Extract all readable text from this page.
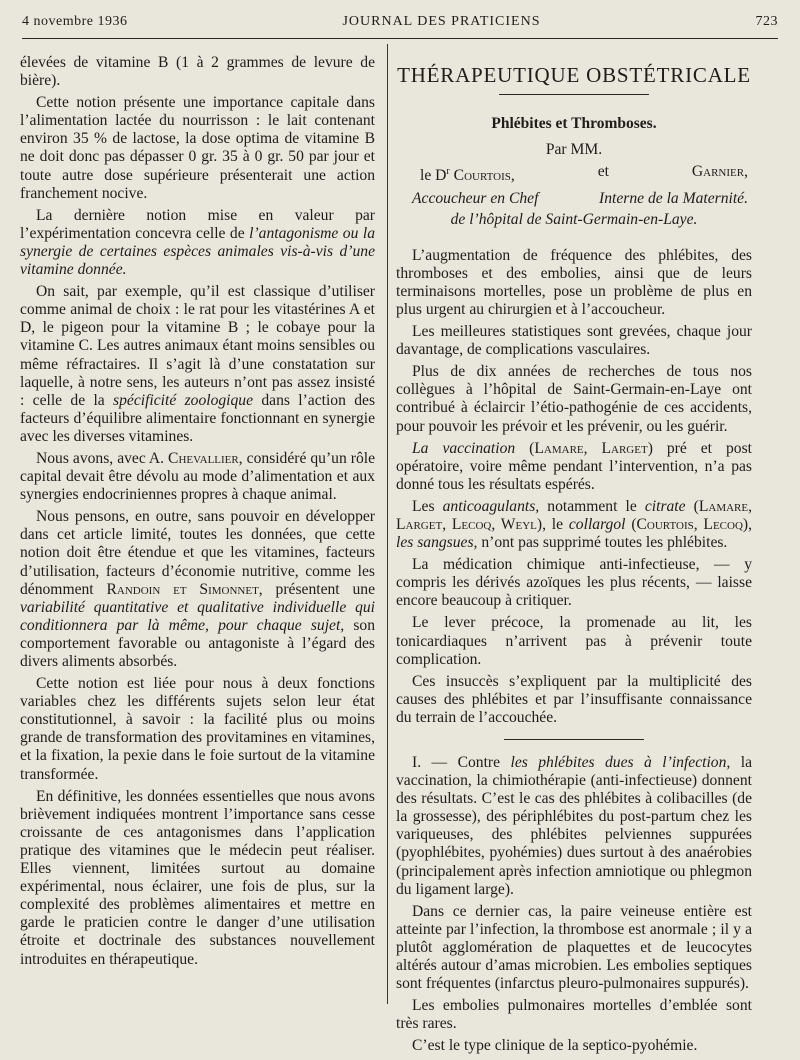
4 novembre 1936	JOURNAL DES PRATICIENS	723

élevées de vitamine B (1 à 2 grammes de levure de bière).

Cette notion présente une importance capitale dans l’alimentation lactée du nourrisson : le lait contenant environ 35 % de lactose, la dose optima de vitamine B ne doit donc pas dépasser 0 gr. 35 à 0 gr. 50 par jour et toute autre dose supérieure présenterait une action franchement nocive.

La dernière notion mise en valeur par l’expérimentation concevra celle de l’antagonisme ou la synergie de certaines espèces animales vis-à-vis d’une vitamine donnée.

On sait, par exemple, qu’il est classique d’utiliser comme animal de choix : le rat pour les vitastérines A et D, le pigeon pour la vitamine B ; le cobaye pour la vitamine C. Les autres animaux étant moins sensibles ou même réfractaires. Il s’agit là d’une constatation sur laquelle, à notre sens, les auteurs n’ont pas assez insisté : celle de la spécificité zoologique dans l’action des facteurs d’équilibre alimentaire fonctionnant en synergie avec les diverses vitamines.

Nous avons, avec A. Chevallier, considéré qu’un rôle capital devait être dévolu au mode d’alimentation et aux synergies endocriniennes propres à chaque animal.

Nous pensons, en outre, sans pouvoir en développer dans cet article limité, toutes les données, que cette notion doit être étendue et que les vitamines, facteurs d’utilisation, facteurs d’économie nutritive, comme les dénomment Randoin et Simonnet, présentent une variabilité quantitative et qualitative individuelle qui conditionnera par là même, pour chaque sujet, son comportement favorable ou antagoniste à l’égard des divers aliments absorbés.

Cette notion est liée pour nous à deux fonctions variables chez les différents sujets selon leur état constitutionnel, à savoir : la facilité plus ou moins grande de transformation des provitamines en vitamines, et la fixation, la pexie dans le foie surtout de la vitamine transformée.

En définitive, les données essentielles que nous avons brièvement indiquées montrent l’importance sans cesse croissante de ces antagonismes dans l’application pratique des vitamines que le médecin peut réaliser. Elles viennent, limitées surtout au domaine expérimental, nous éclairer, une fois de plus, sur la complexité des problèmes alimentaires et mettre en garde le praticien contre le danger d’une utilisation étroite et doctrinale des substances nouvellement introduites en thérapeutique.

THÉRAPEUTIQUE OBSTÉTRICALE
Phlébites et Thromboses.
Par MM.
le $D^r$ Courtois,	et	Garnier,
Accoucheur en Chef	Interne de la Maternité.
de l’hôpital de Saint-Germain-en-Laye.

L’augmentation de fréquence des phlébites, des thromboses et des embolies, ainsi que de leurs terminaisons mortelles, pose un problème de plus en plus urgent au chirurgien et à l’accoucheur.

Les meilleures statistiques sont grevées, chaque jour davantage, de complications vasculaires.

Plus de dix années de recherches de tous nos collègues à l’hôpital de Saint-Germain-en-Laye ont contribué à éclaircir l’étio-pathogénie de ces accidents, pour pouvoir les prévoir et les prévenir, ou les guérir.

La vaccination (Lamare, Larget) pré et post opératoire, voire même pendant l’intervention, n’a pas donné tous les résultats espérés.

Les anticoagulants, notamment le citrate (Lamare, Larget, Lecoq, Weyl), le collargol (Courtois, Lecoq), les sangsues, n’ont pas supprimé toutes les phlébites.

La médication chimique anti-infectieuse, — y compris les dérivés azoïques les plus récents, — laisse encore beaucoup à critiquer.

Le lever précoce, la promenade au lit, les tonicardiaques n’arrivent pas à prévenir toute complication.

Ces insuccès s’expliquent par la multiplicité des causes des phlébites et par l’insuffisante connaissance du terrain de l’accouchée.

I. — Contre les phlébites dues à l’infection, la vaccination, la chimiothérapie (anti-infectieuse) donnent des résultats. C’est le cas des phlébites à colibacilles (de la grossesse), des périphlébites du post-partum chez les variqueuses, des phlébites pelviennes suppurées (pyophlébites, pyohémies) dues surtout à des anaérobies (principalement après infection amniotique ou phlegmon du ligament large).

Dans ce dernier cas, la paire veineuse entière est atteinte par l’infection, la thrombose est anormale ; il y a plutôt agglomération de plaquettes et de leucocytes altérés autour d’amas microbien. Les embolies septiques sont fréquentes (infarctus pleuro-pulmonaires suppurés).

Les embolies pulmonaires mortelles d’emblée sont très rares.

C’est le type clinique de la septico-pyohémie.
